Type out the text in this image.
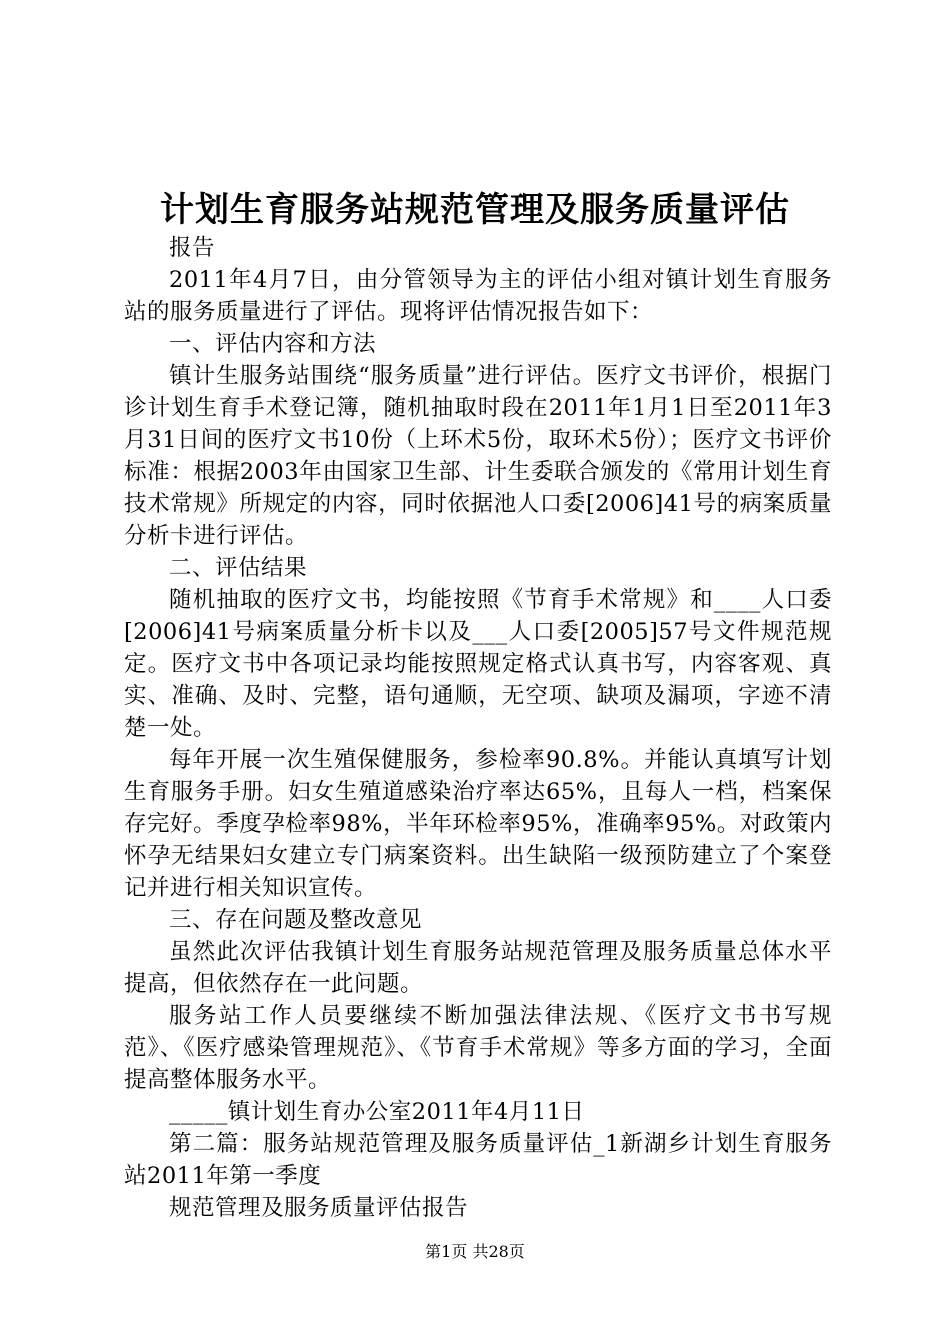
计划生育服务站规范管理及服务质量评估

报告

2011年4月7日，由分管领导为主的评估小组对镇计划生育服务站的服务质量进行了评估。现将评估情况报告如下：

一、评估内容和方法

镇计生服务站围绕“服务质量”进行评估。医疗文书评价，根据门诊计划生育手术登记簿，随机抽取时段在2011年1月1日至2011年3月31日间的医疗文书10份（上环术5份，取环术5份）；医疗文书评价标准：根据2003年由国家卫生部、计生委联合颁发的《常用计划生育技术常规》所规定的内容，同时依据池人口委[2006]41号的病案质量分析卡进行评估。

二、评估结果

随机抽取的医疗文书，均能按照《节育手术常规》和____人口委[2006]41号病案质量分析卡以及___人口委[2005]57号文件规范规定。医疗文书中各项记录均能按照规定格式认真书写，内容客观、真实、准确、及时、完整，语句通顺，无空项、缺项及漏项，字迹不清楚一处。

每年开展一次生殖保健服务，参检率90.8%。并能认真填写计划生育服务手册。妇女生殖道感染治疗率达65%，且每人一档，档案保存完好。季度孕检率98%，半年环检率95%，准确率95%。对政策内怀孕无结果妇女建立专门病案资料。出生缺陷一级预防建立了个案登记并进行相关知识宣传。

三、存在问题及整改意见

虽然此次评估我镇计划生育服务站规范管理及服务质量总体水平提高，但依然存在一此问题。

服务站工作人员要继续不断加强法律法规、《医疗文书书写规范》、《医疗感染管理规范》、《节育手术常规》等多方面的学习，全面提高整体服务水平。

_____镇计划生育办公室2011年4月11日

第二篇：服务站规范管理及服务质量评估_1新湖乡计划生育服务站2011年第一季度

规范管理及服务质量评估报告

第1页 共28页
